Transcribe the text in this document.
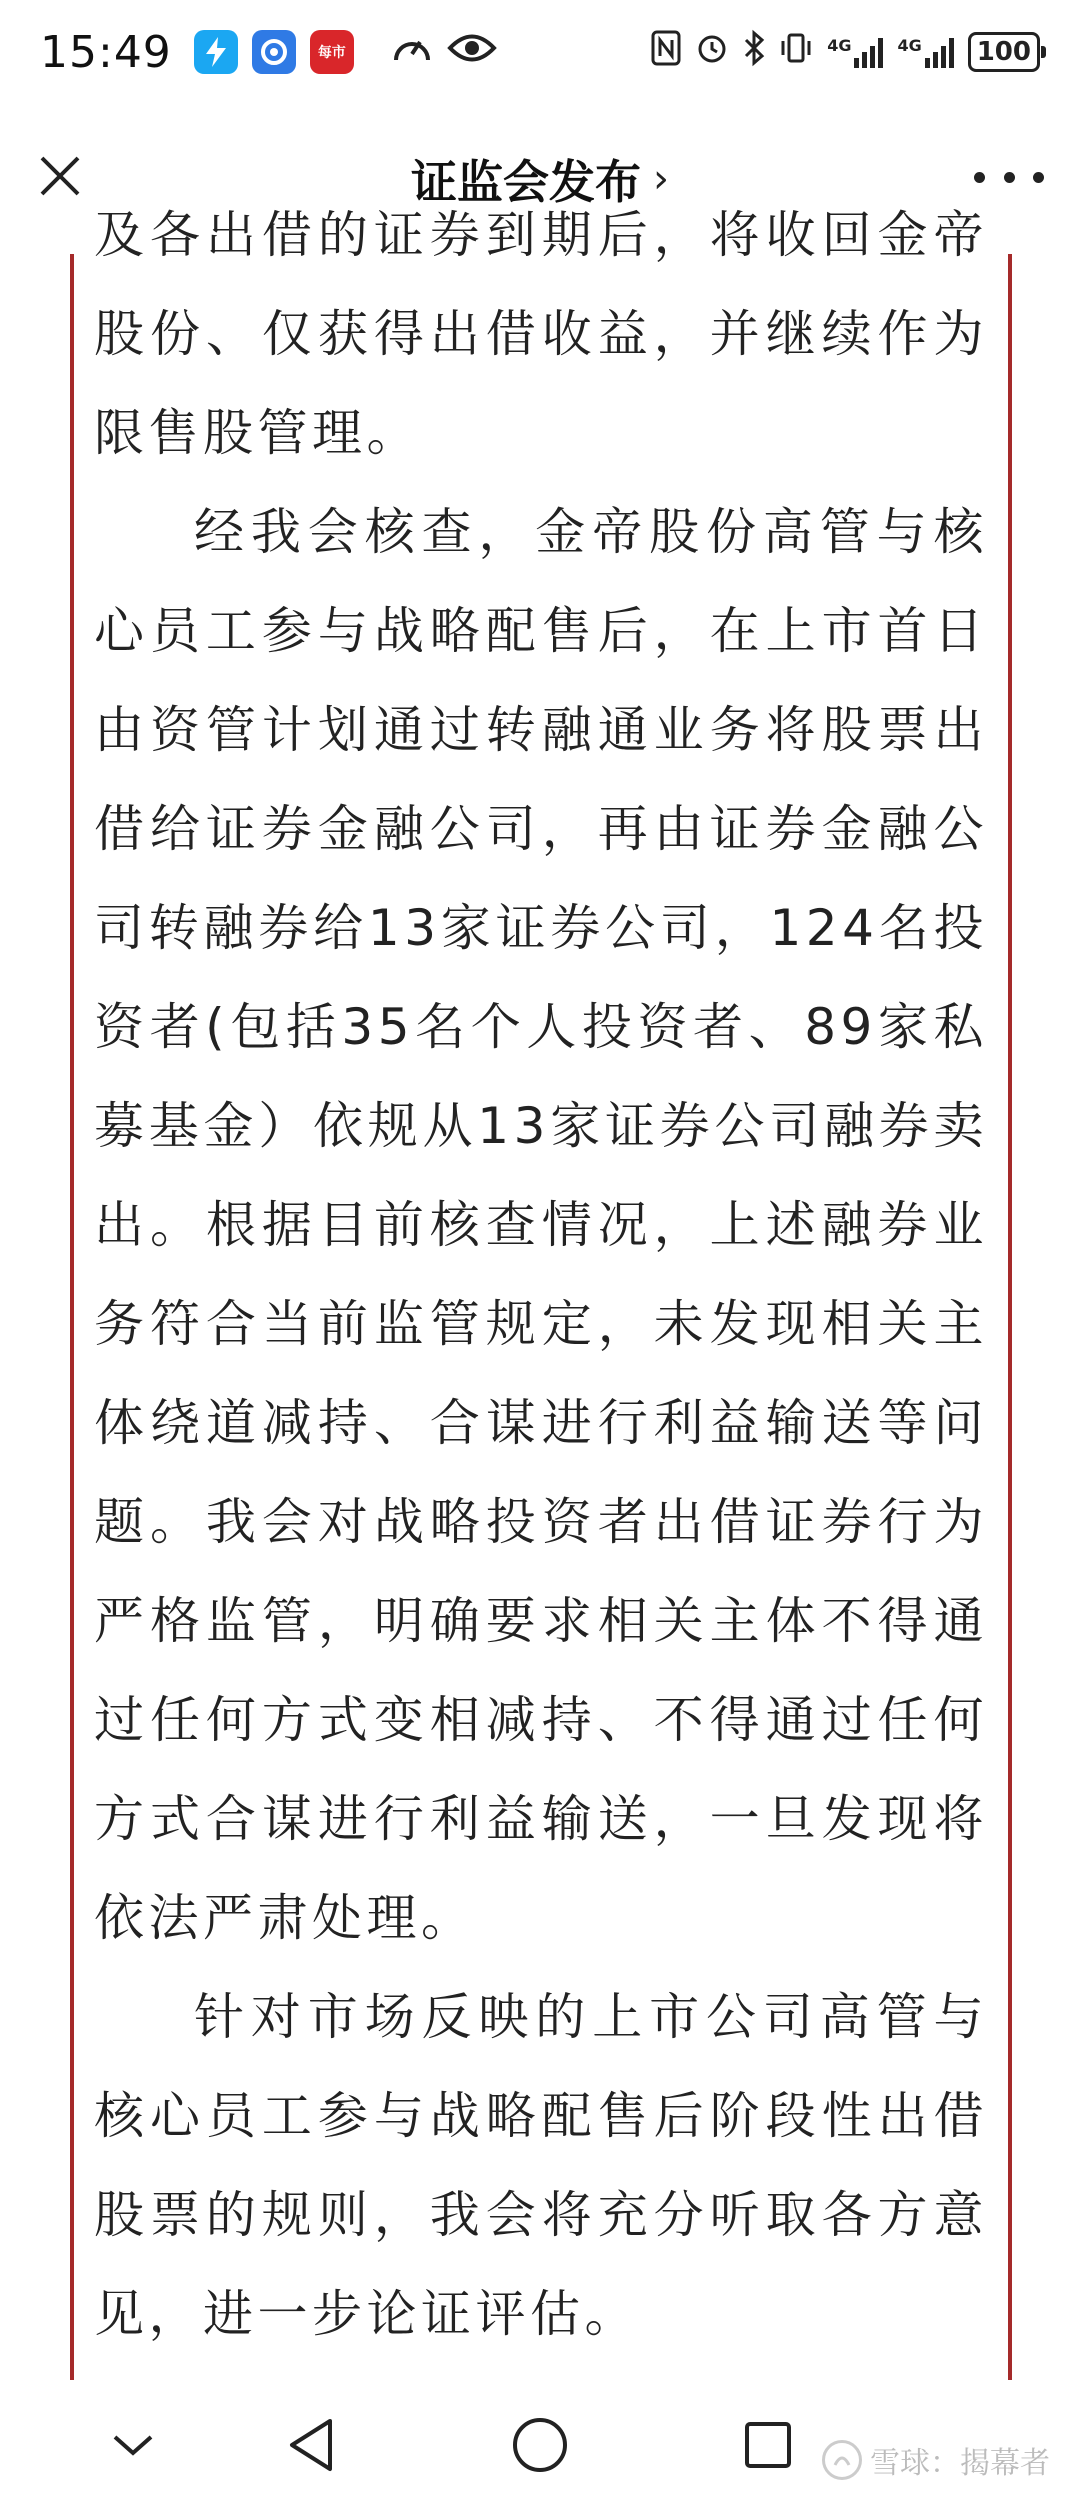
15:49	每市	4G	4G	100
证监会发布 ›

及各出借的证券到期后，将收回金帝股份、仅获得出借收益，并继续作为限售股管理。

经我会核查，金帝股份高管与核心员工参与战略配售后，在上市首日由资管计划通过转融通业务将股票出借给证券金融公司，再由证券金融公司转融券给13家证券公司，124名投资者(包括35名个人投资者、89家私募基金）依规从13家证券公司融券卖出。根据目前核查情况，上述融券业务符合当前监管规定，未发现相关主体绕道减持、合谋进行利益输送等问题。我会对战略投资者出借证券行为严格监管，明确要求相关主体不得通过任何方式变相减持、不得通过任何方式合谋进行利益输送，一旦发现将依法严肃处理。

针对市场反映的上市公司高管与核心员工参与战略配售后阶段性出借股票的规则，我会将充分听取各方意见，进一步论证评估。

雪球：揭幕者
